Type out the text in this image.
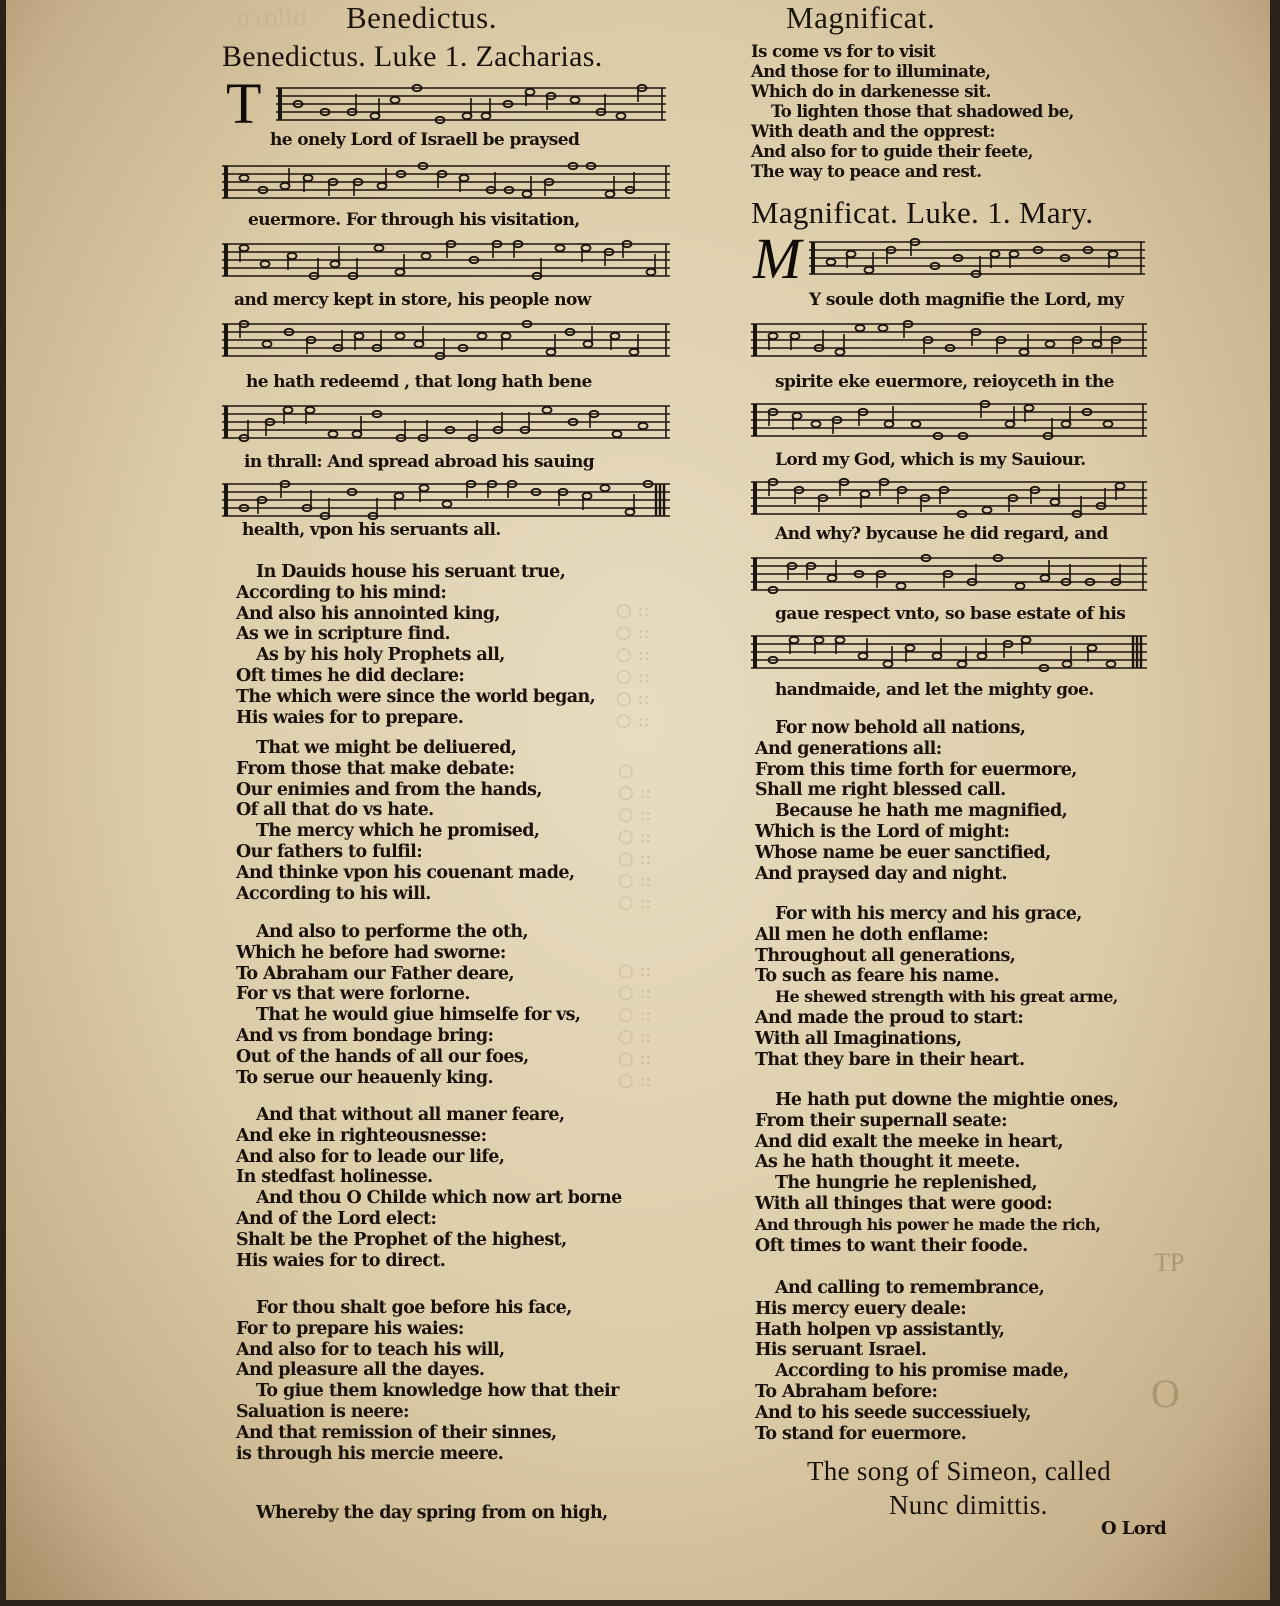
Benedictus.	Magnificat.
·nɿɒlid
Benedictus. Luke 1. Zacharias.
T
he onely Lord of Israell be praysed
euermore. For through his visitation,
and mercy kept in store, his people now
he hath redeemd , that long hath bene
in thrall: And spread abroad his sauing
health, vpon his seruants all.
In Dauids house his seruant true,
According to his mind:
And also his annointed king,
As we in scripture find.
As by his holy Prophets all,
Oft times he did declare:
The which were since the world began,
His waies for to prepare.
That we might be deliuered,
From those that make debate:
Our enimies and from the hands,
Of all that do vs hate.
The mercy which he promised,
Our fathers to fulfil:
And thinke vpon his couenant made,
According to his will.
And also to performe the oth,
Which he before had sworne:
To Abraham our Father deare,
For vs that were forlorne.
That he would giue himselfe for vs,
And vs from bondage bring:
Out of the hands of all our foes,
To serue our heauenly king.
And that without all maner feare,
And eke in righteousnesse:
And also for to leade our life,
In stedfast holinesse.
And thou O Childe which now art borne
And of the Lord elect:
Shalt be the Prophet of the highest,
His waies for to direct.
For thou shalt goe before his face,
For to prepare his waies:
And also for to teach his will,
And pleasure all the dayes.
To giue them knowledge how that their
Saluation is neere:
And that remission of their sinnes,
is through his mercie meere.
Whereby the day spring from on high,
○ ::
○ ::
○ ::
○ ::
○ ::
○ ::
○
○ ::
○ ::
○ ::
○ ::
○ ::
○ ::
○ ::
○ ::
○ ::
○ ::
○ ::
○ ::
Is come vs for to visit
And those for to illuminate,
Which do in darkenesse sit.
To lighten those that shadowed be,
With death and the opprest:
And also for to guide their feete,
The way to peace and rest.
Magnificat. Luke. 1. Mary.
M
Y soule doth magnifie the Lord, my
spirite eke euermore, reioyceth in the
Lord my God, which is my Sauiour.
And why? bycause he did regard, and
gaue respect vnto, so base estate of his
handmaide, and let the mighty goe.
For now behold all nations,
And generations all:
From this time forth for euermore,
Shall me right blessed call.
Because he hath me magnified,
Which is the Lord of might:
Whose name be euer sanctified,
And praysed day and night.
For with his mercy and his grace,
All men he doth enflame:
Throughout all generations,
To such as feare his name.
He shewed strength with his great arme,
And made the proud to start:
With all Imaginations,
That they bare in their heart.
He hath put downe the mightie ones,
From their supernall seate:
And did exalt the meeke in heart,
As he hath thought it meete.
The hungrie he replenished,
With all thinges that were good:
And through his power he made the rich,
Oft times to want their foode.
And calling to remembrance,
His mercy euery deale:
Hath holpen vp assistantly,
His seruant Israel.
According to his promise made,
To Abraham before:
And to his seede successiuely,
To stand for euermore.
The song of Simeon, called
Nunc dimittis.
O Lord
O
TP
